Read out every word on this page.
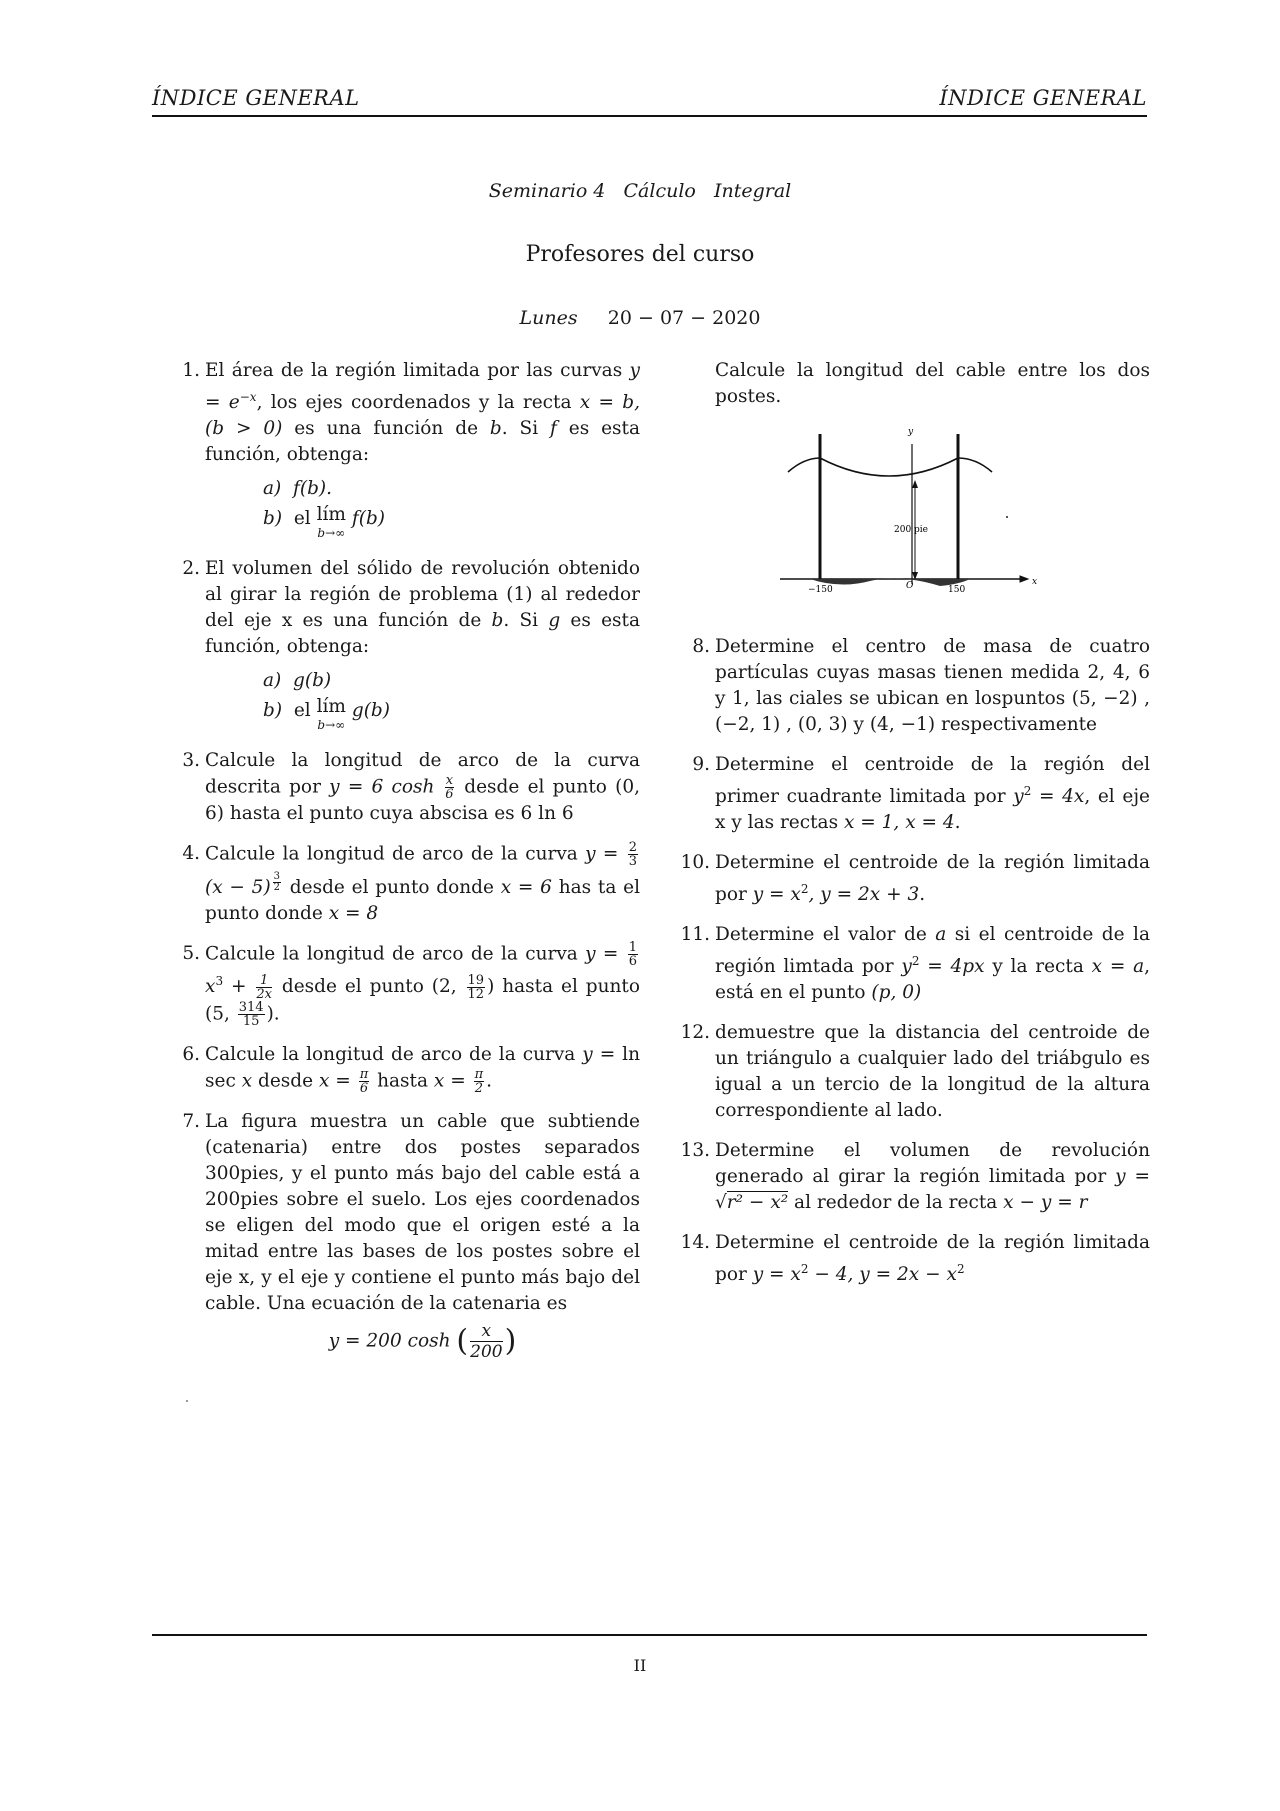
ÍNDICE GENERAL	ÍNDICE GENERAL
Seminario 4   Cálculo   Integral
Profesores del curso
Lunes 20 − 07 − 2020
1. El área de la región limitada por las curvas $y = e^{-x}$, los ejes coordenados y la recta x = b, (b > 0) es una función de b. Si f es esta función, obtenga:
a) f(b).
b) el lím
b→∞
f(b)
2. El volumen del sólido de revolución obtenido al girar la región de problema (1) al rededor del eje x es una función de b. Si g es esta función, obtenga:
a) g(b)
b) el lím
b→∞
g(b)
3. Calcule la longitud de arco de la curva descrita por y = 6 $\cosh \frac{x}{6}$ desde el punto (0, 6) hasta el punto cuya abscisa es 6 ln 6
4. Calcule la longitud de arco de la curva $y = \frac{2}{3}$
(x − 5) $^{\frac{3}{2}}$ desde el punto donde x = 6 has ta el punto donde x = 8
5. Calcule la longitud de arco de la curva $y = \frac{1}{6}$
$x^3 + \frac{1}{2x}$ desde el punto (2, $\frac{19}{12}$ ) hasta el punto (5, $\frac{314}{15}$ ).
6. Calcule la longitud de arco de la curva y = ln sec x desde $x = \frac{\pi}{6}$ hasta $x = \frac{\pi}{2}$ .
7. La figura muestra un cable que subtiende (catenaria) entre dos postes separados 300pies, y el punto más bajo del cable está a 200pies sobre el suelo. Los ejes coordenados se eligen del modo que el origen esté a la mitad entre las bases de los postes sobre el eje x, y el eje y contiene el punto más bajo del cable. Una ecuación de la catenaria es
y = 200 cosh ( $\frac{x}{200}$ )
Calcule la longitud del cable entre los dos postes.
y
x
200 pie
−150	O	150
8. Determine el centro de masa de cuatro partículas cuyas masas tienen medida 2, 4, 6 y 1, las ciales se ubican en lospuntos (5, −2) , (−2, 1) , (0, 3) y (4, −1) respectivamente
9. Determine el centroide de la región del primer cuadrante limitada por $y^2 = 4x$, el eje x y las rectas x = 1, x = 4.
10. Determine el centroide de la región limitada por $y = x^2$, y = 2x + 3.
11. Determine el valor de a si el centroide de la región limtada por $y^2 = 4px$ y la recta x = a, está en el punto (p, 0)
12. demuestre que la distancia del centroide de un triángulo a cualquier lado del triábgulo es igual a un tercio de la longitud de la altura correspondiente al lado.
13. Determine el volumen de revolución generado al girar la región limitada por y = √r² − x² al rededor de la recta x − y = r
14. Determine el centroide de la región limitada por $y = x^2 - 4$, $y = 2x - x^2$
II
